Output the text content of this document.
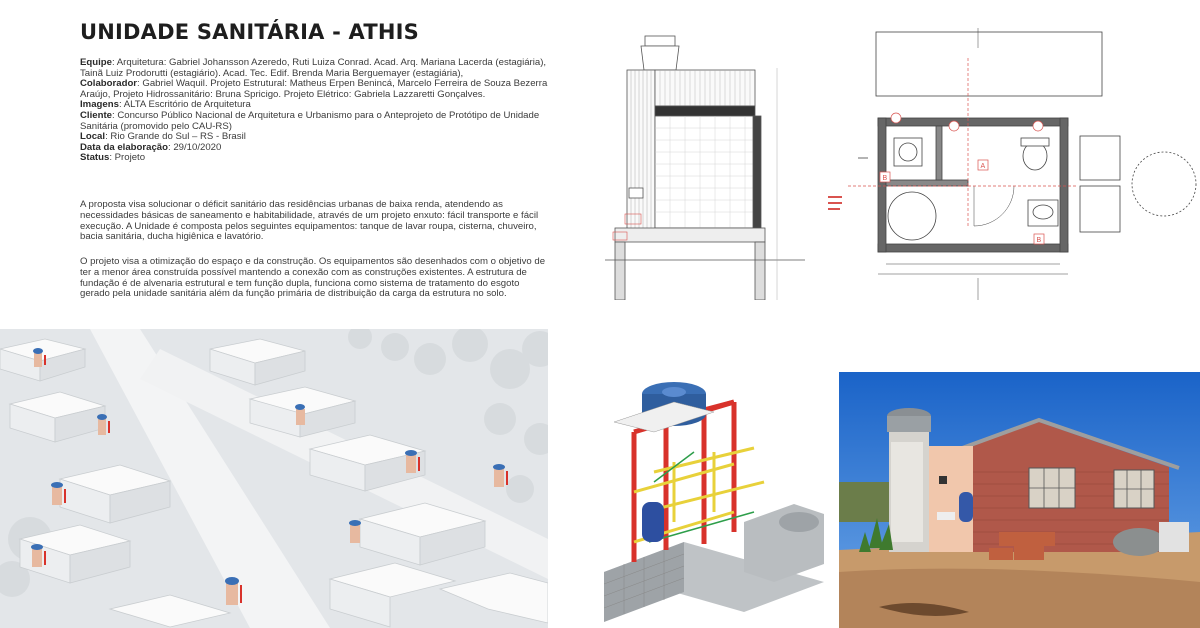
UNIDADE SANITÁRIA - ATHIS
Equipe: Arquitetura: Gabriel Johansson Azeredo, Ruti Luiza Conrad. Acad. Arq. Mariana Lacerda (estagiária), Tainã Luiz Prodorutti (estagiário). Acad. Tec. Edif. Brenda Maria Berguemayer (estagiária),
Colaborador: Gabriel Waquil. Projeto Estrutural: Matheus Erpen Benincá, Marcelo Ferreira de Souza Bezerra Araújo, Projeto Hidrossanitário: Bruna Spricigo. Projeto Elétrico: Gabriela Lazzaretti Gonçalves.
Imagens: ALTA Escritório de Arquitetura
Cliente: Concurso Público Nacional de Arquitetura e Urbanismo para o Anteprojeto de Protótipo de Unidade Sanitária (promovido pelo CAU-RS)
Local: Rio Grande do Sul – RS - Brasil
Data da elaboração: 29/10/2020
Status: Projeto
A proposta visa solucionar o déficit sanitário das residências urbanas de baixa renda, atendendo as necessidades básicas de saneamento e habitabilidade, através de um projeto enxuto: fácil transporte e fácil execução. A Unidade é composta pelos seguintes equipamentos: tanque de lavar roupa, cisterna, chuveiro, bacia sanitária, ducha higiênica e lavatório.
O projeto visa a otimização do espaço e da construção. Os equipamentos são desenhados com o objetivo de ter a menor área construída possível mantendo a conexão com as construções existentes. A estrutura de fundação é de alvenaria estrutural e tem função dupla, funciona como sistema de tratamento do esgoto gerado pela unidade sanitária além da função primária de distribuição da carga da estrutura no solo.
A
B
B
